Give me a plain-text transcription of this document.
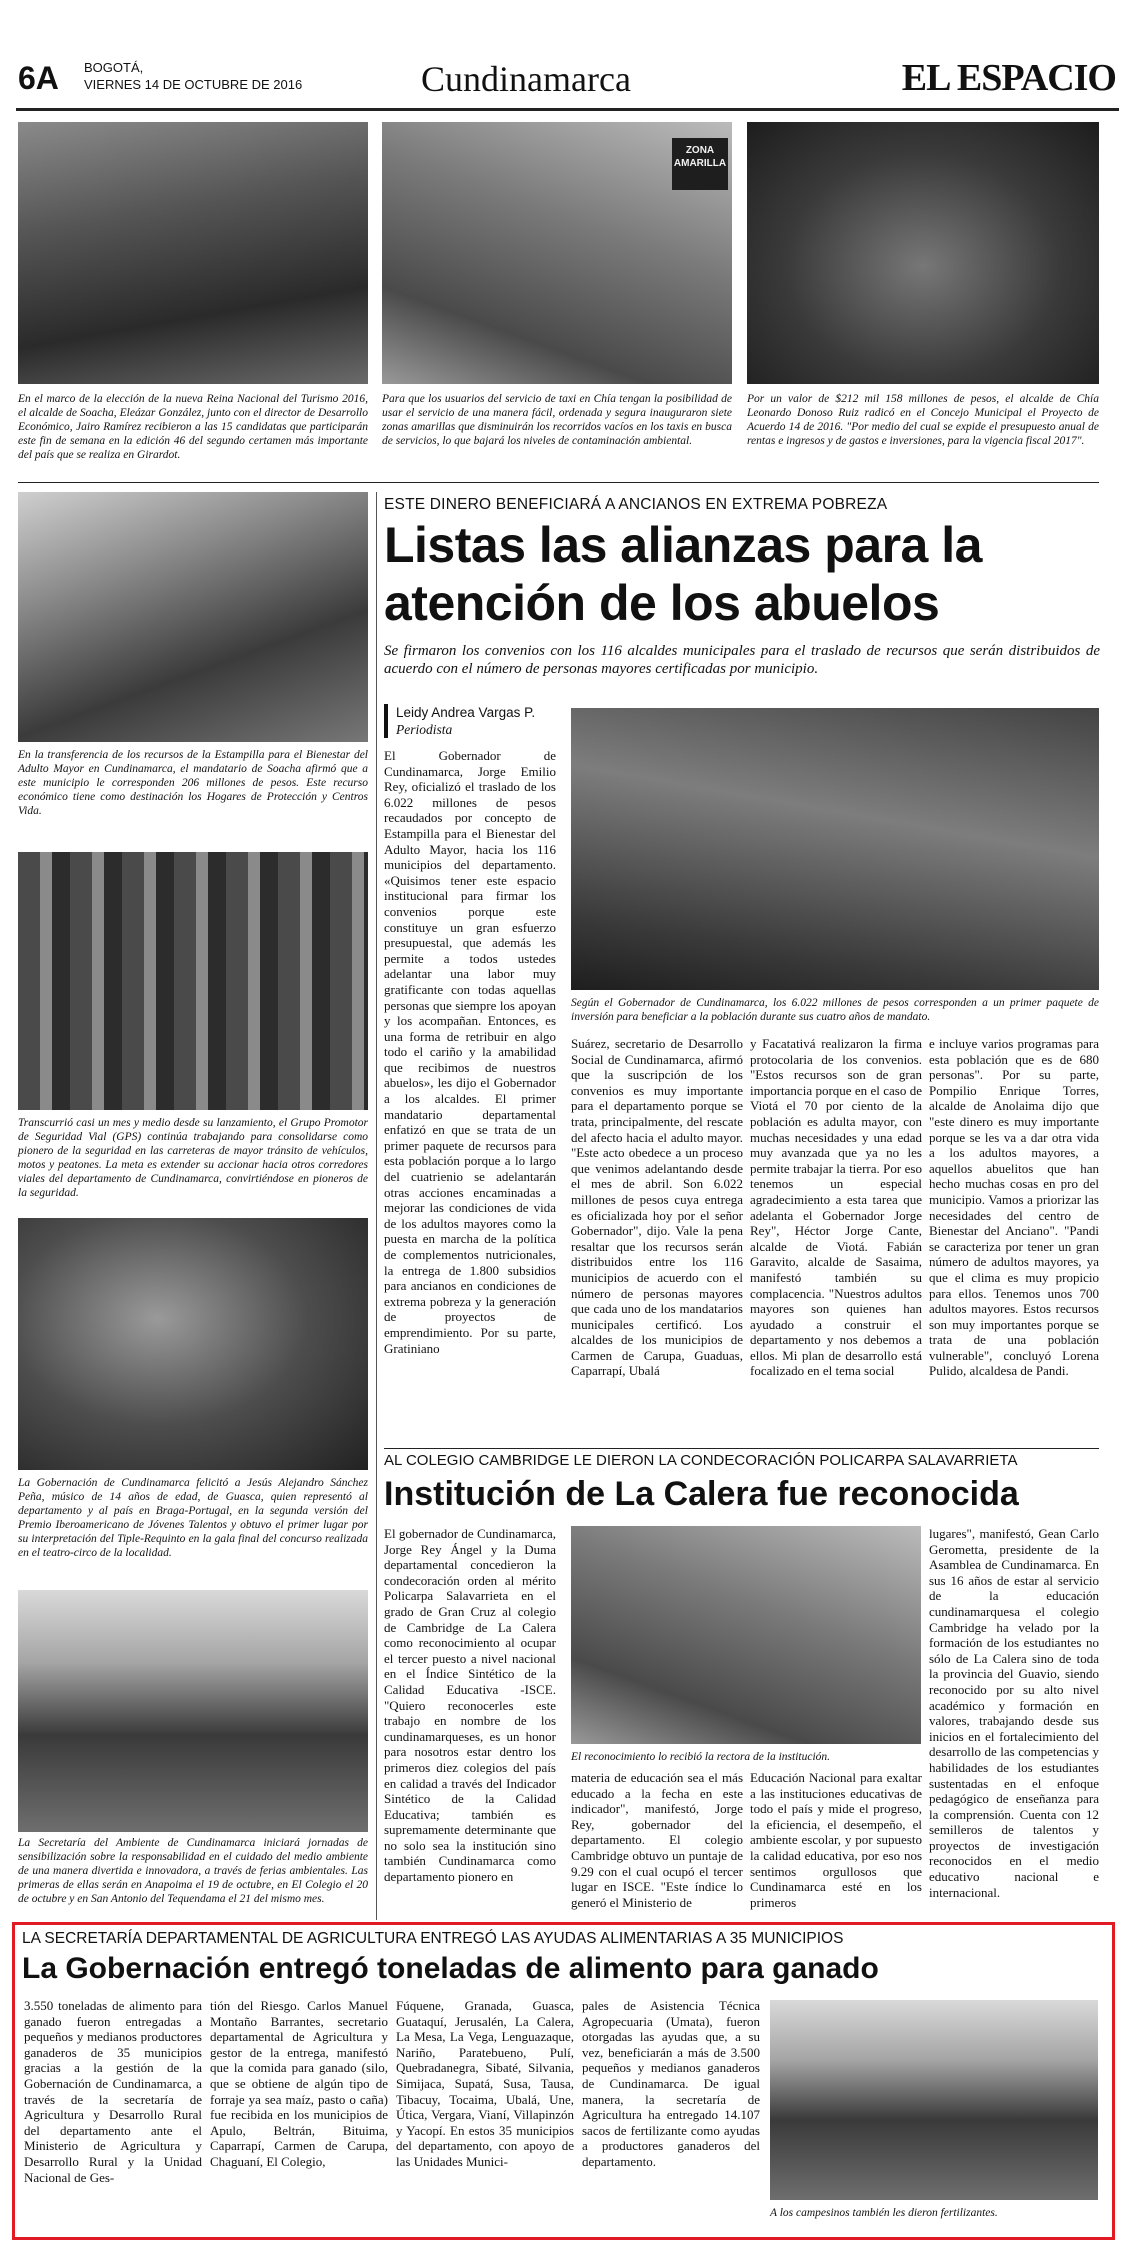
6A BOGOTÁ,
VIERNES 14 DE OCTUBRE DE 2016	Cundinamarca	EL ESPACIO
ZONA AMARILLA

En el marco de la elección de la nueva Reina Nacional del Turismo 2016, el alcalde de Soacha, Eleázar González, junto con el director de Desarrollo Económico, Jairo Ramírez recibieron a las 15 candidatas que participarán este fin de semana en la edición 46 del segundo certamen más importante del país que se realiza en Girardot.

Para que los usuarios del servicio de taxi en Chía tengan la posibilidad de usar el servicio de una manera fácil, ordenada y segura inauguraron siete zonas amarillas que disminuirán los recorridos vacíos en los taxis en busca de servicios, lo que bajará los niveles de contaminación ambiental.

Por un valor de $212 mil 158 millones de pesos, el alcalde de Chía Leonardo Donoso Ruiz radicó en el Concejo Municipal el Proyecto de Acuerdo 14 de 2016. "Por medio del cual se expide el presupuesto anual de rentas e ingresos y de gastos e inversiones, para la vigencia fiscal 2017".

En la transferencia de los recursos de la Estampilla para el Bienestar del Adulto Mayor en Cundinamarca, el mandatario de Soacha afirmó que a este municipio le corresponden 206 millones de pesos. Este recurso económico tiene como destinación los Hogares de Protección y Centros Vida.

Transcurrió casi un mes y medio desde su lanzamiento, el Grupo Promotor de Seguridad Vial (GPS) continúa trabajando para consolidarse como pionero de la seguridad en las carreteras de mayor tránsito de vehículos, motos y peatones. La meta es extender su accionar hacia otros corredores viales del departamento de Cundinamarca, convirtiéndose en pioneros de la seguridad.

La Gobernación de Cundinamarca felicitó a Jesús Alejandro Sánchez Peña, músico de 14 años de edad, de Guasca, quien representó al departamento y al país en Braga-Portugal, en la segunda versión del Premio Iberoamericano de Jóvenes Talentos y obtuvo el primer lugar por su interpretación del Tiple-Requinto en la gala final del concurso realizada en el teatro-circo de la localidad.

La Secretaría del Ambiente de Cundinamarca iniciará jornadas de sensibilización sobre la responsabilidad en el cuidado del medio ambiente de una manera divertida e innovadora, a través de ferias ambientales. Las primeras de ellas serán en Anapoima el 19 de octubre, en El Colegio el 20 de octubre y en San Antonio del Tequendama el 21 del mismo mes.

ESTE DINERO BENEFICIARÁ A ANCIANOS EN EXTREMA POBREZA
Listas las alianzas para la atención de los abuelos

Se firmaron los convenios con los 116 alcaldes municipales para el traslado de recursos que serán distribuidos de acuerdo con el número de personas mayores certificadas por municipio.

Leidy Andrea Vargas P.
Periodista

Según el Gobernador de Cundinamarca, los 6.022 millones de pesos corresponden a un primer paquete de inversión para beneficiar a la población durante sus cuatro años de mandato.

El Gobernador de Cundinamarca, Jorge Emilio Rey, oficializó el traslado de los 6.022 millones de pesos recaudados por concepto de Estampilla para el Bienestar del Adulto Mayor, hacia los 116 municipios del departamento. «Quisimos tener este espacio institucional para firmar los convenios porque este constituye un gran esfuerzo presupuestal, que además les permite a todos ustedes adelantar una labor muy gratificante con todas aquellas personas que siempre los apoyan y los acompañan. Entonces, es una forma de retribuir en algo todo el cariño y la amabilidad que recibimos de nuestros abuelos», les dijo el Gobernador a los alcaldes. El primer mandatario departamental enfatizó en que se trata de un primer paquete de recursos para esta población porque a lo largo del cuatrienio se adelantarán otras acciones encaminadas a mejorar las condiciones de vida de los adultos mayores como la puesta en marcha de la política de complementos nutricionales, la entrega de 1.800 subsidios para ancianos en condiciones de extrema pobreza y la generación de proyectos de emprendimiento. Por su parte, Gratiniano

Suárez, secretario de Desarrollo Social de Cundinamarca, afirmó que la suscripción de los convenios es muy importante para el departamento porque se trata, principalmente, del rescate del afecto hacia el adulto mayor. "Este acto obedece a un proceso que venimos adelantando desde el mes de abril. Son 6.022 millones de pesos cuya entrega es oficializada hoy por el señor Gobernador", dijo. Vale la pena resaltar que los recursos serán distribuidos entre los 116 municipios de acuerdo con el número de personas mayores que cada uno de los mandatarios municipales certificó. Los alcaldes de los municipios de Carmen de Carupa, Guaduas, Caparrapí, Ubalá

y Facatativá realizaron la firma protocolaria de los convenios. "Estos recursos son de gran importancia porque en el caso de Viotá el 70 por ciento de la población es adulta mayor, con muchas necesidades y una edad muy avanzada que ya no les permite trabajar la tierra. Por eso tenemos un especial agradecimiento a esta tarea que adelanta el Gobernador Jorge Rey", Héctor Jorge Cante, alcalde de Viotá. Fabián Garavito, alcalde de Sasaima, manifestó también su complacencia. "Nuestros adultos mayores son quienes han ayudado a construir el departamento y nos debemos a ellos. Mi plan de desarrollo está focalizado en el tema social

e incluye varios programas para esta población que es de 680 personas". Por su parte, Pompilio Enrique Torres, alcalde de Anolaima dijo que "este dinero es muy importante porque se les va a dar otra vida a los adultos mayores, a aquellos abuelitos que han hecho muchas cosas en pro del municipio. Vamos a priorizar las necesidades del centro de Bienestar del Anciano". "Pandi se caracteriza por tener un gran número de adultos mayores, ya que el clima es muy propicio para ellos. Tenemos unos 700 adultos mayores. Estos recursos son muy importantes porque se trata de una población vulnerable", concluyó Lorena Pulido, alcaldesa de Pandi.

AL COLEGIO CAMBRIDGE LE DIERON LA CONDECORACIÓN POLICARPA SALAVARRIETA
Institución de La Calera fue reconocida

El reconocimiento lo recibió la rectora de la institución.

El gobernador de Cundinamarca, Jorge Rey Ángel y la Duma departamental concedieron la condecoración orden al mérito Policarpa Salavarrieta en el grado de Gran Cruz al colegio de Cambridge de La Calera como reconocimiento al ocupar el tercer puesto a nivel nacional en el Índice Sintético de la Calidad Educativa -ISCE. "Quiero reconocerles este trabajo en nombre de los cundinamarqueses, es un honor para nosotros estar dentro los primeros diez colegios del país en calidad a través del Indicador Sintético de la Calidad Educativa; también es supremamente determinante que no solo sea la institución sino también Cundinamarca como departamento pionero en

materia de educación sea el más educado a la fecha en este indicador", manifestó, Jorge Rey, gobernador del departamento. El colegio Cambridge obtuvo un puntaje de 9.29 con el cual ocupó el tercer lugar en ISCE. "Este índice lo generó el Ministerio de

Educación Nacional para exaltar a las instituciones educativas de todo el país y mide el progreso, la eficiencia, el desempeño, el ambiente escolar, y por supuesto la calidad educativa, por eso nos sentimos orgullosos que Cundinamarca esté en los primeros

lugares", manifestó, Gean Carlo Gerometta, presidente de la Asamblea de Cundinamarca. En sus 16 años de estar al servicio de la educación cundinamarquesa el colegio Cambridge ha velado por la formación de los estudiantes no sólo de La Calera sino de toda la provincia del Guavio, siendo reconocido por su alto nivel académico y formación en valores, trabajando desde sus inicios en el fortalecimiento del desarrollo de las competencias y habilidades de los estudiantes sustentadas en el enfoque pedagógico de enseñanza para la comprensión. Cuenta con 12 semilleros de talentos y proyectos de investigación reconocidos en el medio educativo nacional e internacional.

LA SECRETARÍA DEPARTAMENTAL DE AGRICULTURA ENTREGÓ LAS AYUDAS ALIMENTARIAS A 35 MUNICIPIOS
La Gobernación entregó toneladas de alimento para ganado

3.550 toneladas de alimento para ganado fueron entregadas a pequeños y medianos productores ganaderos de 35 municipios gracias a la gestión de la Gobernación de Cundinamarca, a través de la secretaría de Agricultura y Desarrollo Rural del departamento ante el Ministerio de Agricultura y Desarrollo Rural y la Unidad Nacional de Ges-

tión del Riesgo. Carlos Manuel Montaño Barrantes, secretario departamental de Agricultura y gestor de la entrega, manifestó que la comida para ganado (silo, que se obtiene de algún tipo de forraje ya sea maíz, pasto o caña) fue recibida en los municipios de Apulo, Beltrán, Bituima, Caparrapí, Carmen de Carupa, Chaguaní, El Colegio,

Fúquene, Granada, Guasca, Guataquí, Jerusalén, La Calera, La Mesa, La Vega, Lenguazaque, Nariño, Paratebueno, Pulí, Quebradanegra, Sibaté, Silvania, Simijaca, Supatá, Susa, Tausa, Tibacuy, Tocaima, Ubalá, Une, Útica, Vergara, Vianí, Villapinzón y Yacopí. En estos 35 municipios del departamento, con apoyo de las Unidades Munici-

pales de Asistencia Técnica Agropecuaria (Umata), fueron otorgadas las ayudas que, a su vez, beneficiarán a más de 3.500 pequeños y medianos ganaderos de Cundinamarca. De igual manera, la secretaría de Agricultura ha entregado 14.107 sacos de fertilizante como ayudas a productores ganaderos del departamento.

A los campesinos también les dieron fertilizantes.
